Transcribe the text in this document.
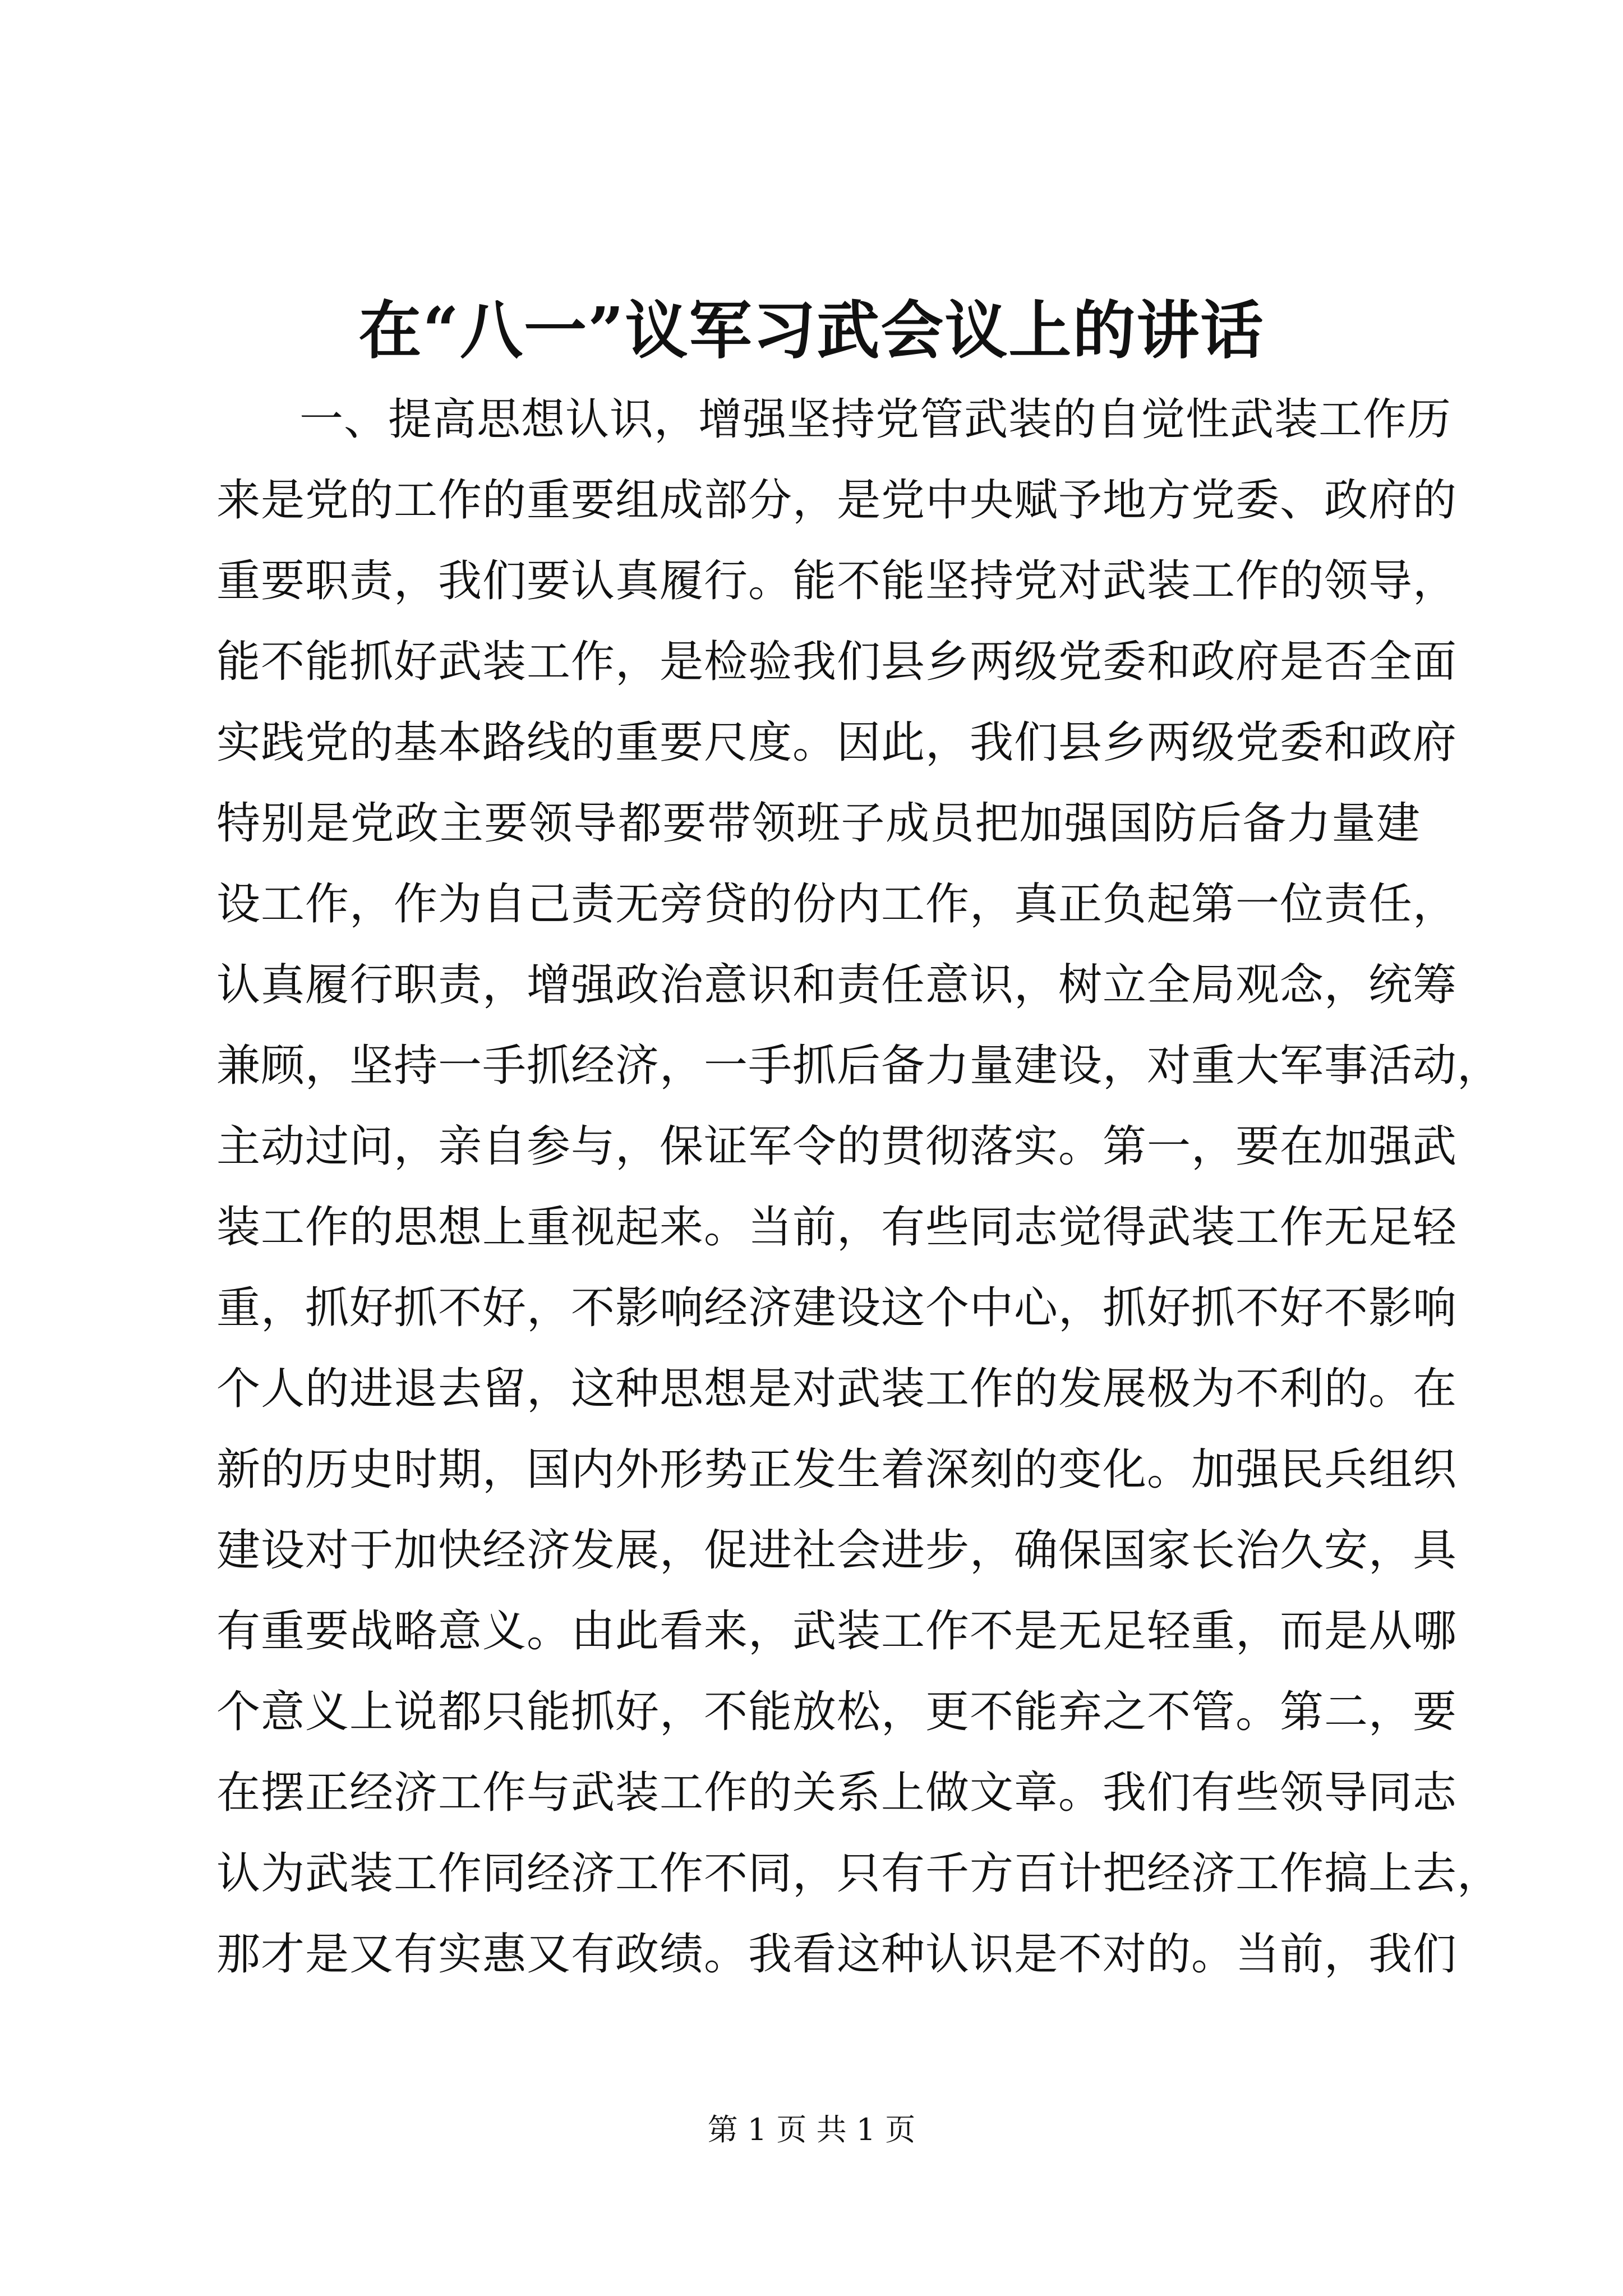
在“八一”议军习武会议上的讲话
一、提高思想认识，增强坚持党管武装的自觉性武装工作历
来是党的工作的重要组成部分，是党中央赋予地方党委、政府的
重要职责，我们要认真履行。能不能坚持党对武装工作的领导，
能不能抓好武装工作，是检验我们县乡两级党委和政府是否全面
实践党的基本路线的重要尺度。因此，我们县乡两级党委和政府
特别是党政主要领导都要带领班子成员把加强国防后备力量建
设工作，作为自己责无旁贷的份内工作，真正负起第一位责任，
认真履行职责，增强政治意识和责任意识，树立全局观念，统筹
兼顾，坚持一手抓经济，一手抓后备力量建设，对重大军事活动，
主动过问，亲自参与，保证军令的贯彻落实。第一，要在加强武
装工作的思想上重视起来。当前，有些同志觉得武装工作无足轻
重，抓好抓不好，不影响经济建设这个中心，抓好抓不好不影响
个人的进退去留，这种思想是对武装工作的发展极为不利的。在
新的历史时期，国内外形势正发生着深刻的变化。加强民兵组织
建设对于加快经济发展，促进社会进步，确保国家长治久安，具
有重要战略意义。由此看来，武装工作不是无足轻重，而是从哪
个意义上说都只能抓好，不能放松，更不能弃之不管。第二，要
在摆正经济工作与武装工作的关系上做文章。我们有些领导同志
认为武装工作同经济工作不同，只有千方百计把经济工作搞上去，
那才是又有实惠又有政绩。我看这种认识是不对的。当前，我们
第 1 页 共 1 页
